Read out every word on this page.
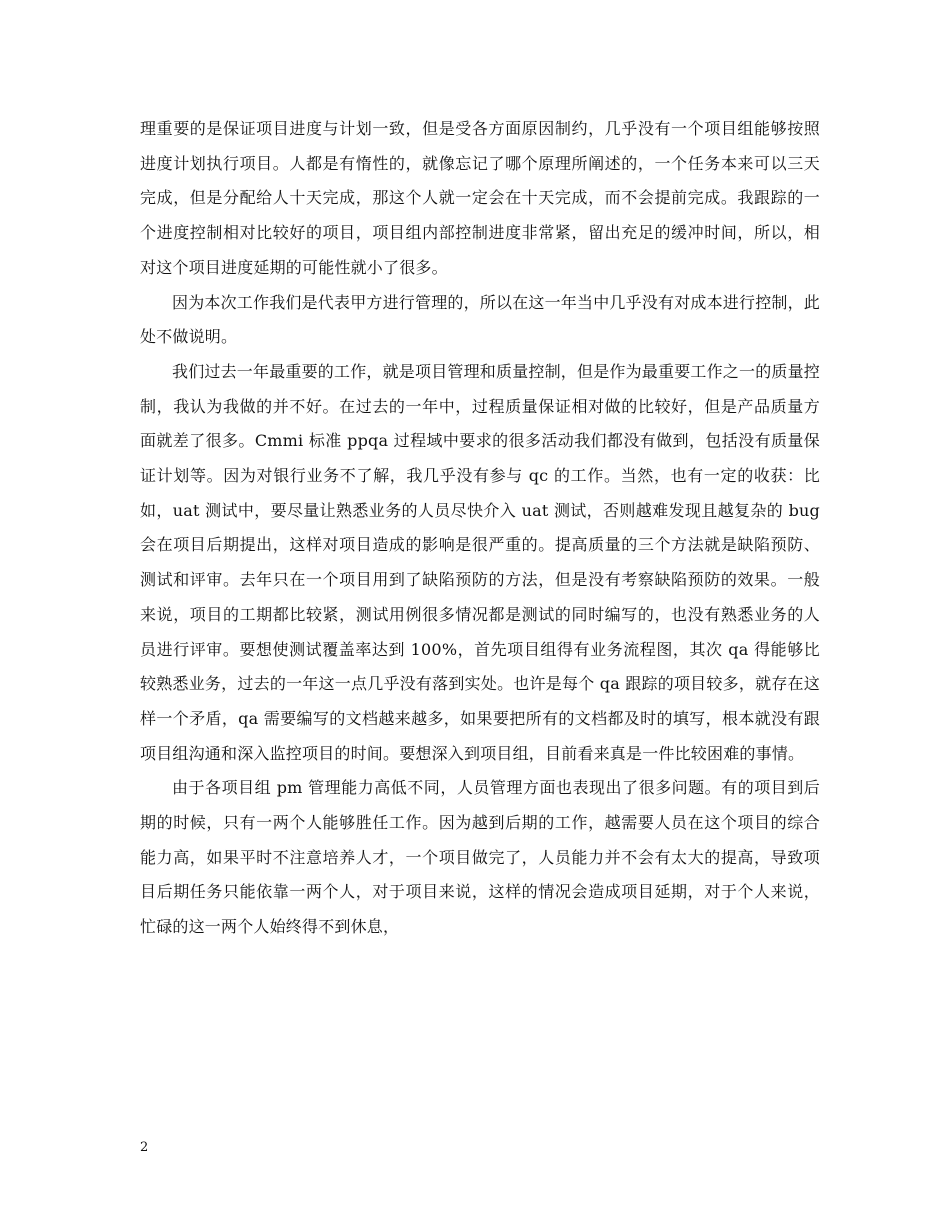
理重要的是保证项目进度与计划一致，但是受各方面原因制约，几乎没有一个项目组能够按照进度计划执行项目。人都是有惰性的，就像忘记了哪个原理所阐述的，一个任务本来可以三天完成，但是分配给人十天完成，那这个人就一定会在十天完成，而不会提前完成。我跟踪的一个进度控制相对比较好的项目，项目组内部控制进度非常紧，留出充足的缓冲时间，所以，相对这个项目进度延期的可能性就小了很多。

因为本次工作我们是代表甲方进行管理的，所以在这一年当中几乎没有对成本进行控制，此处不做说明。

我们过去一年最重要的工作，就是项目管理和质量控制，但是作为最重要工作之一的质量控制，我认为我做的并不好。在过去的一年中，过程质量保证相对做的比较好，但是产品质量方面就差了很多。Cmmi 标准 ppqa 过程域中要求的很多活动我们都没有做到，包括没有质量保证计划等。因为对银行业务不了解，我几乎没有参与 qc 的工作。当然，也有一定的收获：比如，uat 测试中，要尽量让熟悉业务的人员尽快介入 uat 测试，否则越难发现且越复杂的 bug 会在项目后期提出，这样对项目造成的影响是很严重的。提高质量的三个方法就是缺陷预防、测试和评审。去年只在一个项目用到了缺陷预防的方法，但是没有考察缺陷预防的效果。一般来说，项目的工期都比较紧，测试用例很多情况都是测试的同时编写的，也没有熟悉业务的人员进行评审。要想使测试覆盖率达到 100%，首先项目组得有业务流程图，其次 qa 得能够比较熟悉业务，过去的一年这一点几乎没有落到实处。也许是每个 qa 跟踪的项目较多，就存在这样一个矛盾，qa 需要编写的文档越来越多，如果要把所有的文档都及时的填写，根本就没有跟项目组沟通和深入监控项目的时间。要想深入到项目组，目前看来真是一件比较困难的事情。

由于各项目组 pm 管理能力高低不同，人员管理方面也表现出了很多问题。有的项目到后期的时候，只有一两个人能够胜任工作。因为越到后期的工作，越需要人员在这个项目的综合能力高，如果平时不注意培养人才，一个项目做完了，人员能力并不会有太大的提高，导致项目后期任务只能依靠一两个人，对于项目来说，这样的情况会造成项目延期，对于个人来说，忙碌的这一两个人始终得不到休息，

2
